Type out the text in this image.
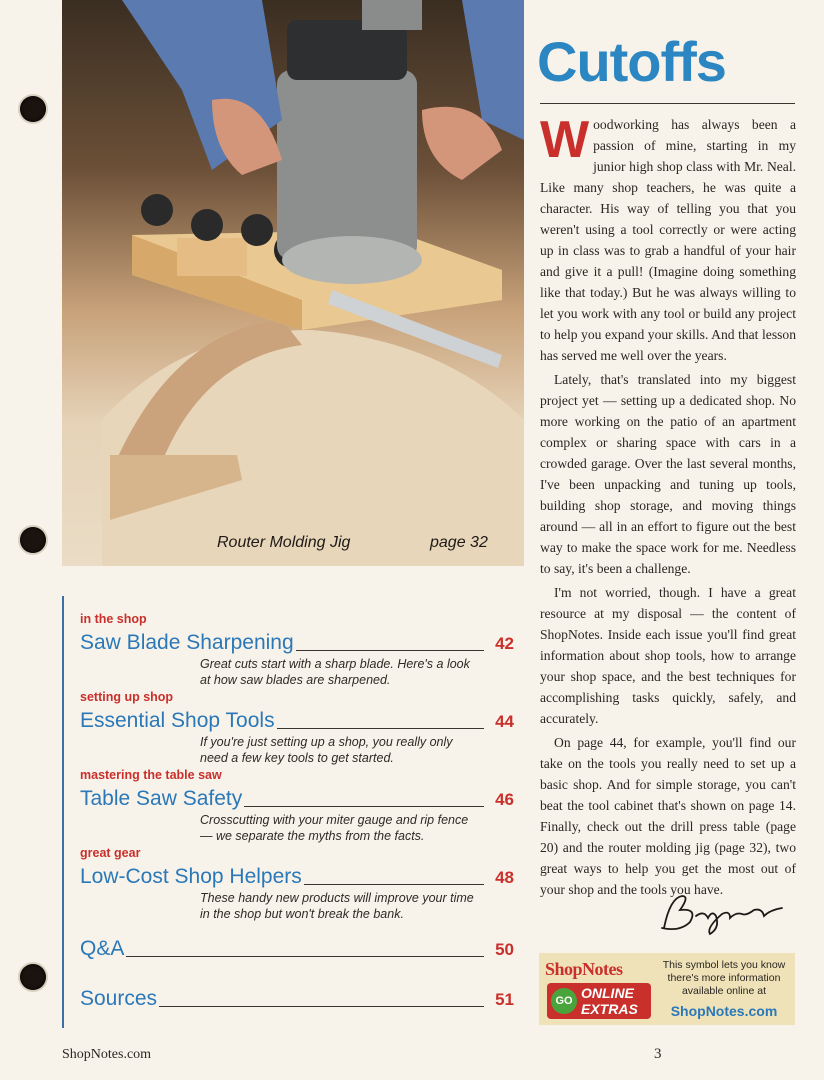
Router Molding Jig	page 32
in the shop
Saw Blade Sharpening	42
Great cuts start with a sharp blade. Here's a look at how saw blades are sharpened.
setting up shop
Essential Shop Tools	44
If you're just setting up a shop, you really only need a few key tools to get started.
mastering the table saw
Table Saw Safety	46
Crosscutting with your miter gauge and rip fence — we separate the myths from the facts.
great gear
Low-Cost Shop Helpers	48
These handy new products will improve your time in the shop but won't break the bank.
Q&A	50
Sources	51
Cutoffs

Woodworking has always been a passion of mine, starting in my junior high shop class with Mr. Neal. Like many shop teachers, he was quite a character. His way of telling you that you weren't using a tool correctly or were acting up in class was to grab a handful of your hair and give it a pull! (Imagine doing something like that today.) But he was always willing to let you work with any tool or build any project to help you expand your skills. And that lesson has served me well over the years.

Lately, that's translated into my biggest project yet — setting up a dedicated shop. No more working on the patio of an apartment complex or sharing space with cars in a crowded garage. Over the last several months, I've been unpacking and tuning up tools, building shop storage, and moving things around — all in an effort to figure out the best way to make the space work for me. Needless to say, it's been a challenge.

I'm not worried, though. I have a great resource at my disposal — the content of ShopNotes. Inside each issue you'll find great information about shop tools, how to arrange your shop space, and the best techniques for accomplishing tasks quickly, safely, and accurately.

On page 44, for example, you'll find our take on the tools you really need to set up a basic shop. And for simple storage, you can't beat the tool cabinet that's shown on page 14. Finally, check out the drill press table (page 20) and the router molding jig (page 32), two great ways to help you get the most out of your shop and the tools you have.

ShopNotes
GO ONLINE
EXTRAS
This symbol lets you know there's more information available online at
ShopNotes.com
ShopNotes.com	3
